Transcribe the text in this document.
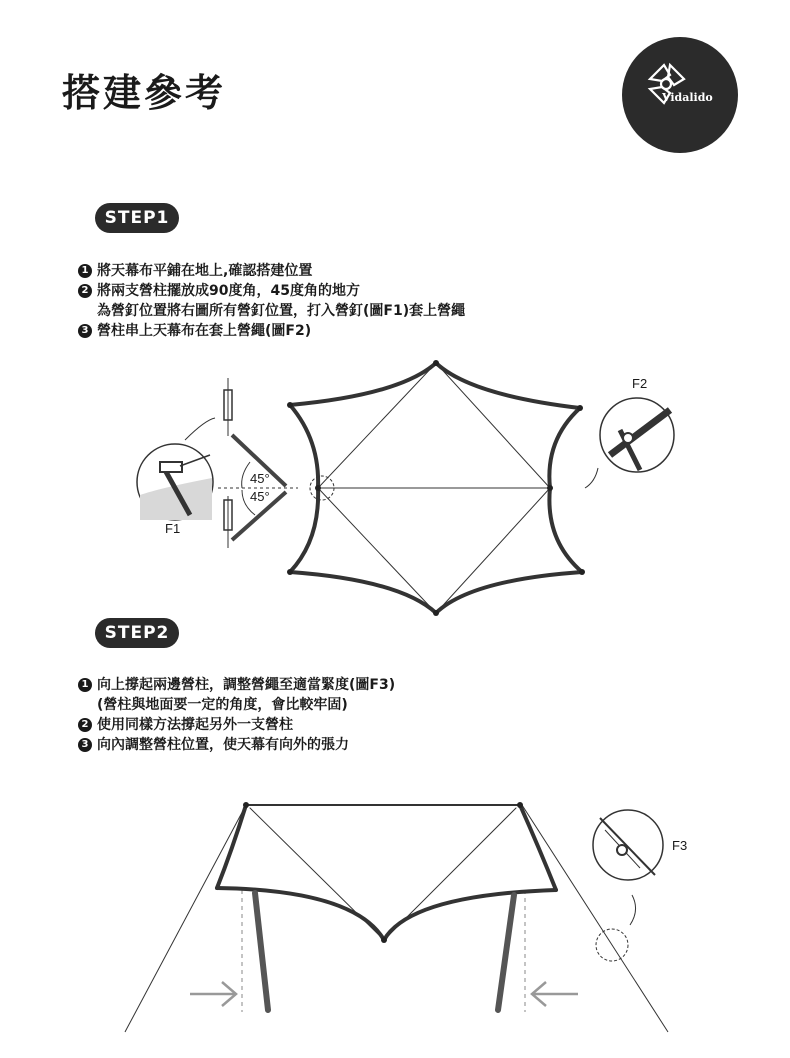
搭建參考	Vidalido
STEP1
1 將天幕布平鋪在地上,確認搭建位置
2 將兩支營柱擺放成90度角，45度角的地方
為營釘位置將右圖所有營釘位置，打入營釘(圖F1)套上營繩
3 營柱串上天幕布在套上營繩(圖F2)
45°
45°
F1
F2
STEP2
1 向上撐起兩邊營柱，調整營繩至適當緊度(圖F3)
(營柱與地面要一定的角度，會比較牢固)
2 使用同樣方法撐起另外一支營柱
3 向內調整營柱位置，使天幕有向外的張力
F3
